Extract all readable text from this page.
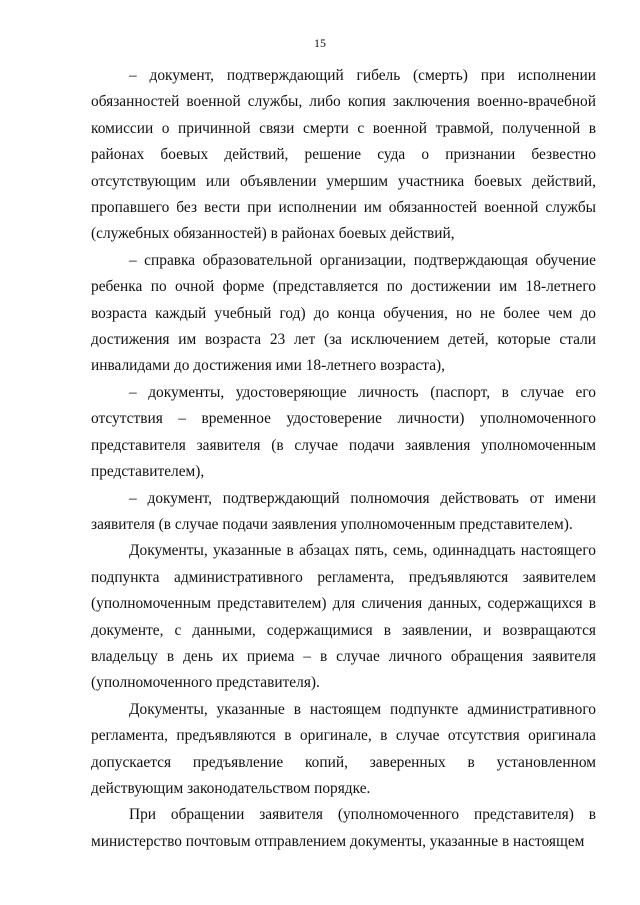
15

– документ, подтверждающий гибель (смерть) при исполнении обязанностей военной службы, либо копия заключения военно-врачебной комиссии о причинной связи смерти с военной травмой, полученной в районах боевых действий, решение суда о признании безвестно отсутствующим или объявлении умершим участника боевых действий, пропавшего без вести при исполнении им обязанностей военной службы (служебных обязанностей) в районах боевых действий,

– справка образовательной организации, подтверждающая обучение ребенка по очной форме (представляется по достижении им 18-летнего возраста каждый учебный год) до конца обучения, но не более чем до достижения им возраста 23 лет (за исключением детей, которые стали инвалидами до достижения ими 18-летнего возраста),

– документы, удостоверяющие личность (паспорт, в случае его отсутствия – временное удостоверение личности) уполномоченного представителя заявителя (в случае подачи заявления уполномоченным представителем),

– документ, подтверждающий полномочия действовать от имени заявителя (в случае подачи заявления уполномоченным представителем).

Документы, указанные в абзацах пять, семь, одиннадцать настоящего подпункта административного регламента, предъявляются заявителем (уполномоченным представителем) для сличения данных, содержащихся в документе, с данными, содержащимися в заявлении, и возвращаются владельцу в день их приема – в случае личного обращения заявителя (уполномоченного представителя).

Документы, указанные в настоящем подпункте административного регламента, предъявляются в оригинале, в случае отсутствия оригинала допускается предъявление копий, заверенных в установленном действующим законодательством порядке.

При обращении заявителя (уполномоченного представителя) в министерство почтовым отправлением документы, указанные в настоящем
